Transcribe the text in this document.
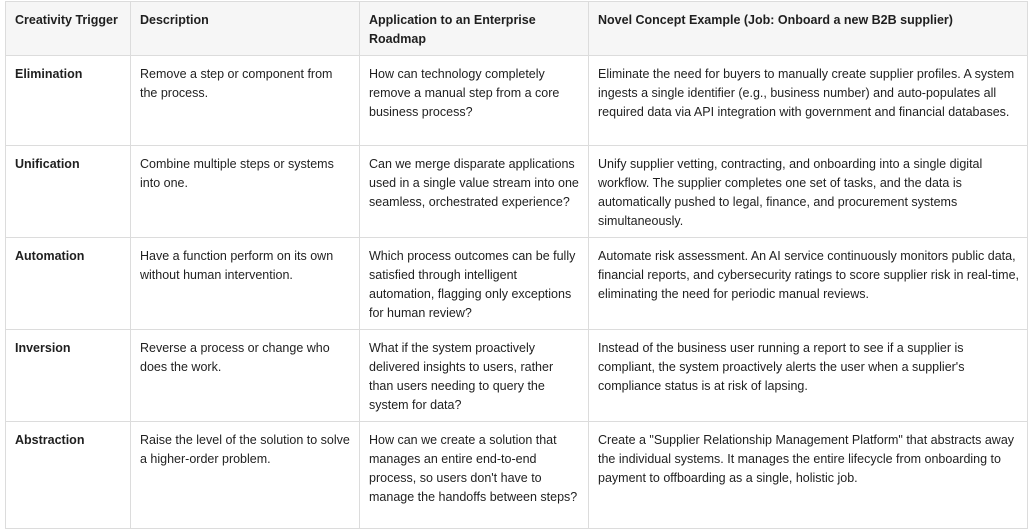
Creativity Trigger	Description	Application to an Enterprise Roadmap	Novel Concept Example (Job: Onboard a new B2B supplier)
Elimination	Remove a step or component from the process.	How can technology completely remove a manual step from a core business process?	Eliminate the need for buyers to manually create supplier profiles. A system ingests a single identifier (e.g., business number) and auto-populates all required data via API integration with government and financial databases.
Unification	Combine multiple steps or systems into one.	Can we merge disparate applications used in a single value stream into one seamless, orchestrated experience?	Unify supplier vetting, contracting, and onboarding into a single digital workflow. The supplier completes one set of tasks, and the data is automatically pushed to legal, finance, and procurement systems simultaneously.
Automation	Have a function perform on its own without human intervention.	Which process outcomes can be fully satisfied through intelligent automation, flagging only exceptions for human review?	Automate risk assessment. An AI service continuously monitors public data, financial reports, and cybersecurity ratings to score supplier risk in real-time, eliminating the need for periodic manual reviews.
Inversion	Reverse a process or change who does the work.	What if the system proactively delivered insights to users, rather than users needing to query the system for data?	Instead of the business user running a report to see if a supplier is compliant, the system proactively alerts the user when a supplier's compliance status is at risk of lapsing.
Abstraction	Raise the level of the solution to solve a higher-order problem.	How can we create a solution that manages an entire end-to-end process, so users don't have to manage the handoffs between steps?	Create a "Supplier Relationship Management Platform" that abstracts away the individual systems. It manages the entire lifecycle from onboarding to payment to offboarding as a single, holistic job.
